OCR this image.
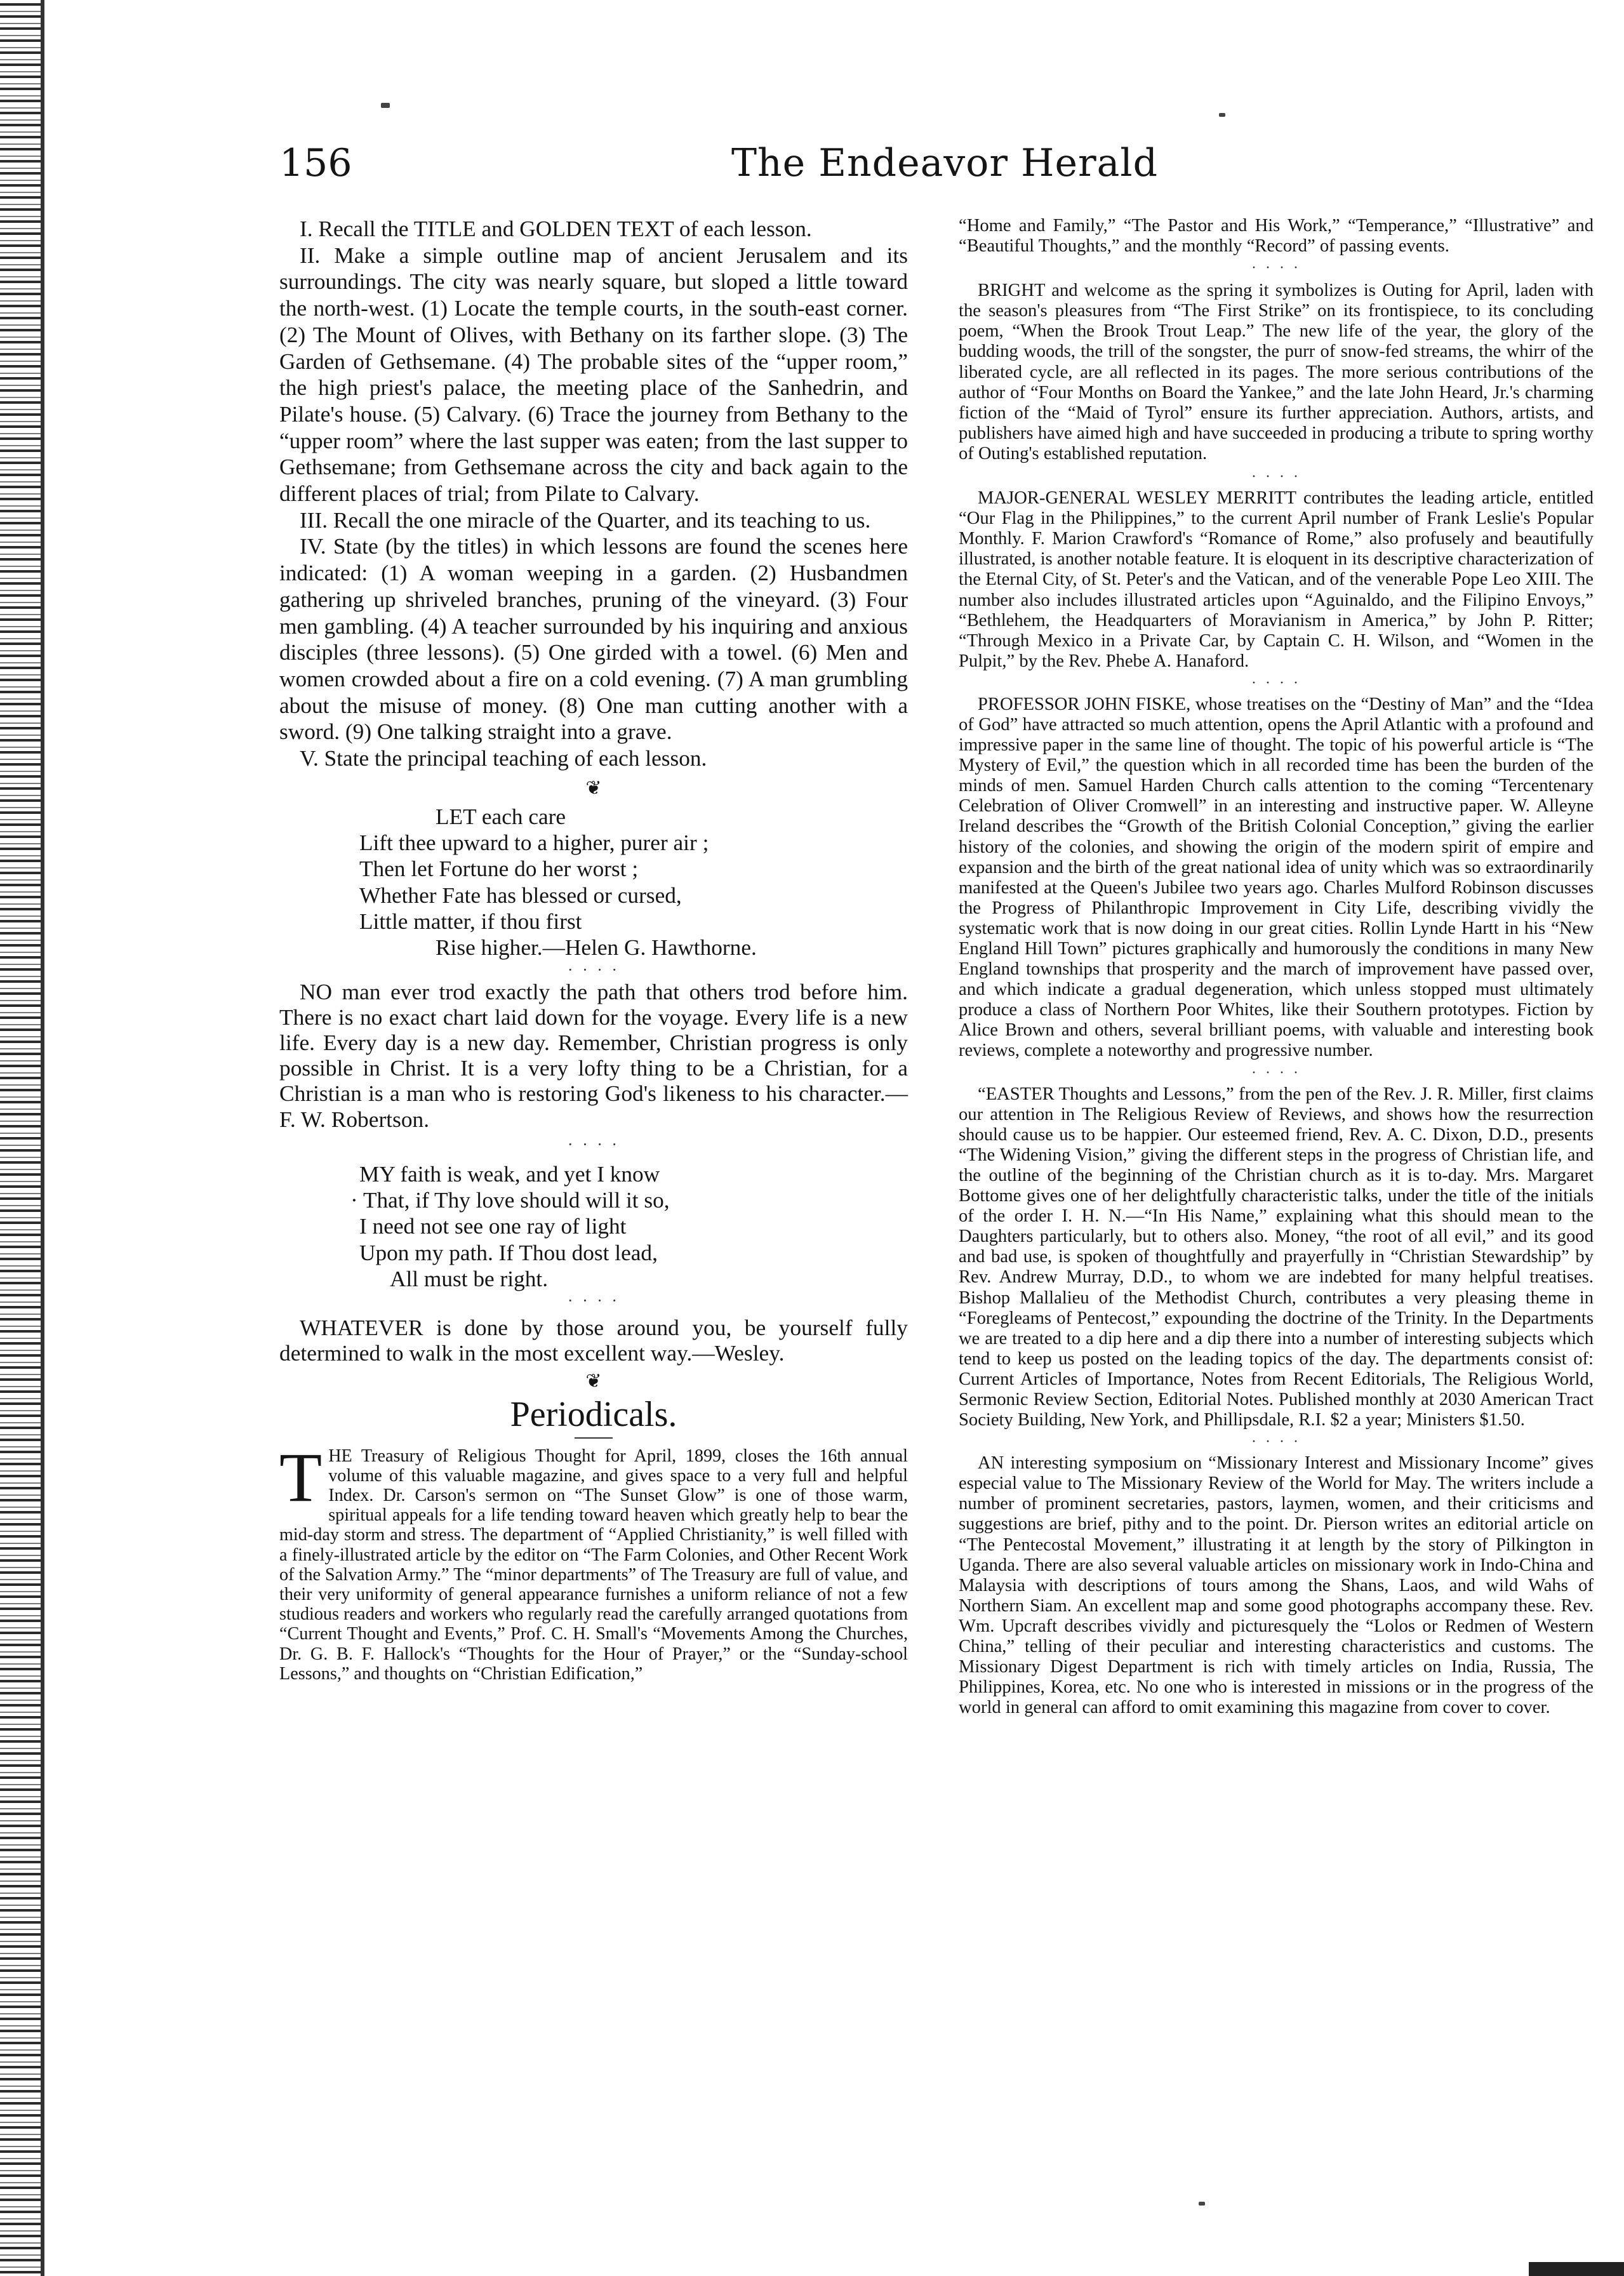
156	The Endeavor Herald

I. Recall the TITLE and GOLDEN TEXT of each lesson.

II. Make a simple outline map of ancient Jerusalem and its surroundings. The city was nearly square, but sloped a little toward the north-west. (1) Locate the temple courts, in the south-east corner. (2) The Mount of Olives, with Bethany on its farther slope. (3) The Garden of Gethsemane. (4) The probable sites of the “upper room,” the high priest's palace, the meeting place of the Sanhedrin, and Pilate's house. (5) Calvary. (6) Trace the journey from Bethany to the “upper room” where the last supper was eaten; from the last supper to Gethsemane; from Gethsemane across the city and back again to the different places of trial; from Pilate to Calvary.

III. Recall the one miracle of the Quarter, and its teaching to us.

IV. State (by the titles) in which lessons are found the scenes here indicated: (1) A woman weeping in a garden. (2) Husbandmen gathering up shriveled branches, pruning of the vineyard. (3) Four men gambling. (4) A teacher surrounded by his inquiring and anxious disciples (three lessons). (5) One girded with a towel. (6) Men and women crowded about a fire on a cold evening. (7) A man grumbling about the misuse of money. (8) One man cutting another with a sword. (9) One talking straight into a grave.

V. State the principal teaching of each lesson.

❦
LET each care
Lift thee upward to a higher, purer air ;
Then let Fortune do her worst ;
Whether Fate has blessed or cursed,
Little matter, if thou first
Rise higher.—Helen G. Hawthorne.
· · · ·

NO man ever trod exactly the path that others trod before him. There is no exact chart laid down for the voyage. Every life is a new life. Every day is a new day. Remember, Christian progress is only possible in Christ. It is a very lofty thing to be a Christian, for a Christian is a man who is restoring God's likeness to his character.—F. W. Robertson.

· · · ·
MY faith is weak, and yet I know
· That, if Thy love should will it so,
I need not see one ray of light
Upon my path. If Thou dost lead,
All must be right.
· · · ·

WHATEVER is done by those around you, be yourself fully determined to walk in the most excellent way.—Wesley.

❦
Periodicals.
T HE Treasury of Religious Thought for April, 1899, closes the 16th annual volume of this valuable magazine, and gives space to a very full and helpful Index. Dr. Carson's sermon on “The Sunset Glow” is one of those warm, spiritual appeals for a life tending toward heaven which greatly help to bear the mid-day storm and stress. The department of “Applied Christianity,” is well filled with a finely-illustrated article by the editor on “The Farm Colonies, and Other Recent Work of the Salvation Army.” The “minor departments” of The Treasury are full of value, and their very uniformity of general appearance furnishes a uniform reliance of not a few studious readers and workers who regularly read the carefully arranged quotations from “Current Thought and Events,” Prof. C. H. Small's “Movements Among the Churches, Dr. G. B. F. Hallock's “Thoughts for the Hour of Prayer,” or the “Sunday-school Lessons,” and thoughts on “Christian Edification,”

“Home and Family,” “The Pastor and His Work,” “Temperance,” “Illustrative” and “Beautiful Thoughts,” and the monthly “Record” of passing events.

· · · ·

BRIGHT and welcome as the spring it symbolizes is Outing for April, laden with the season's pleasures from “The First Strike” on its frontispiece, to its concluding poem, “When the Brook Trout Leap.” The new life of the year, the glory of the budding woods, the trill of the songster, the purr of snow-fed streams, the whirr of the liberated cycle, are all reflected in its pages. The more serious contributions of the author of “Four Months on Board the Yankee,” and the late John Heard, Jr.'s charming fiction of the “Maid of Tyrol” ensure its further appreciation. Authors, artists, and publishers have aimed high and have succeeded in producing a tribute to spring worthy of Outing's established reputation.

· · · ·

MAJOR-GENERAL WESLEY MERRITT contributes the leading article, entitled “Our Flag in the Philippines,” to the current April number of Frank Leslie's Popular Monthly. F. Marion Crawford's “Romance of Rome,” also profusely and beautifully illustrated, is another notable feature. It is eloquent in its descriptive characterization of the Eternal City, of St. Peter's and the Vatican, and of the venerable Pope Leo XIII. The number also includes illustrated articles upon “Aguinaldo, and the Filipino Envoys,” “Bethlehem, the Headquarters of Moravianism in America,” by John P. Ritter; “Through Mexico in a Private Car, by Captain C. H. Wilson, and “Women in the Pulpit,” by the Rev. Phebe A. Hanaford.

· · · ·

PROFESSOR JOHN FISKE, whose treatises on the “Destiny of Man” and the “Idea of God” have attracted so much attention, opens the April Atlantic with a profound and impressive paper in the same line of thought. The topic of his powerful article is “The Mystery of Evil,” the question which in all recorded time has been the burden of the minds of men. Samuel Harden Church calls attention to the coming “Tercentenary Celebration of Oliver Cromwell” in an interesting and instructive paper. W. Alleyne Ireland describes the “Growth of the British Colonial Conception,” giving the earlier history of the colonies, and showing the origin of the modern spirit of empire and expansion and the birth of the great national idea of unity which was so extraordinarily manifested at the Queen's Jubilee two years ago. Charles Mulford Robinson discusses the Progress of Philanthropic Improvement in City Life, describing vividly the systematic work that is now doing in our great cities. Rollin Lynde Hartt in his “New England Hill Town” pictures graphically and humorously the conditions in many New England townships that prosperity and the march of improvement have passed over, and which indicate a gradual degeneration, which unless stopped must ultimately produce a class of Northern Poor Whites, like their Southern prototypes. Fiction by Alice Brown and others, several brilliant poems, with valuable and interesting book reviews, complete a noteworthy and progressive number.

· · · ·

“EASTER Thoughts and Lessons,” from the pen of the Rev. J. R. Miller, first claims our attention in The Religious Review of Reviews, and shows how the resurrection should cause us to be happier. Our esteemed friend, Rev. A. C. Dixon, D.D., presents “The Widening Vision,” giving the different steps in the progress of Christian life, and the outline of the beginning of the Christian church as it is to-day. Mrs. Margaret Bottome gives one of her delightfully characteristic talks, under the title of the initials of the order I. H. N.—“In His Name,” explaining what this should mean to the Daughters particularly, but to others also. Money, “the root of all evil,” and its good and bad use, is spoken of thoughtfully and prayerfully in “Christian Stewardship” by Rev. Andrew Murray, D.D., to whom we are indebted for many helpful treatises. Bishop Mallalieu of the Methodist Church, contributes a very pleasing theme in “Foregleams of Pentecost,” expounding the doctrine of the Trinity. In the Departments we are treated to a dip here and a dip there into a number of interesting subjects which tend to keep us posted on the leading topics of the day. The departments consist of: Current Articles of Importance, Notes from Recent Editorials, The Religious World, Sermonic Review Section, Editorial Notes. Published monthly at 2030 American Tract Society Building, New York, and Phillipsdale, R.I. $2 a year; Ministers $1.50.

· · · ·

AN interesting symposium on “Missionary Interest and Missionary Income” gives especial value to The Missionary Review of the World for May. The writers include a number of prominent secretaries, pastors, laymen, women, and their criticisms and suggestions are brief, pithy and to the point. Dr. Pierson writes an editorial article on “The Pentecostal Movement,” illustrating it at length by the story of Pilkington in Uganda. There are also several valuable articles on missionary work in Indo-China and Malaysia with descriptions of tours among the Shans, Laos, and wild Wahs of Northern Siam. An excellent map and some good photographs accompany these. Rev. Wm. Upcraft describes vividly and picturesquely the “Lolos or Redmen of Western China,” telling of their peculiar and interesting characteristics and customs. The Missionary Digest Department is rich with timely articles on India, Russia, The Philippines, Korea, etc. No one who is interested in missions or in the progress of the world in general can afford to omit examining this magazine from cover to cover.
